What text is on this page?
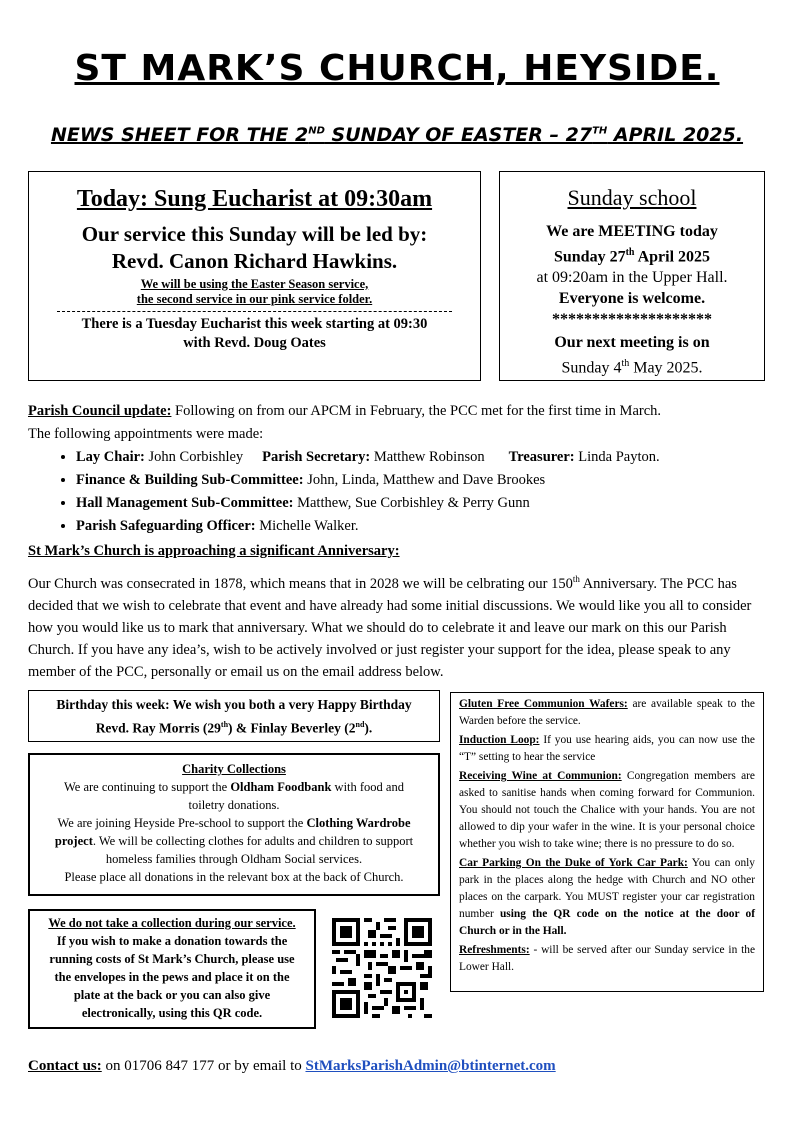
ST MARK’S CHURCH, HEYSIDE.
NEWS SHEET FOR THE 2ND SUNDAY OF EASTER – 27TH APRIL 2025.
Today: Sung Eucharist at 09:30am
Our service this Sunday will be led by:
Revd. Canon Richard Hawkins.
We will be using the Easter Season service,
the second service in our pink service folder.
There is a Tuesday Eucharist this week starting at 09:30
with Revd. Doug Oates
Sunday school
We are MEETING today
Sunday 27th April 2025
at 09:20am in the Upper Hall.
Everyone is welcome.
********************
Our next meeting is on
Sunday 4th May 2025.
Parish Council update: Following on from our APCM in February, the PCC met for the first time in March.
The following appointments were made:
• Lay Chair: John Corbishley Parish Secretary: Matthew Robinson Treasurer: Linda Payton.
• Finance & Building Sub-Committee: John, Linda, Matthew and Dave Brookes
• Hall Management Sub-Committee: Matthew, Sue Corbishley & Perry Gunn
• Parish Safeguarding Officer: Michelle Walker.
St Mark’s Church is approaching a significant Anniversary:
Our Church was consecrated in 1878, which means that in 2028 we will be celbrating our 150th Anniversary. The PCC has decided that we wish to celebrate that event and have already had some initial discussions. We would like you all to consider how you would like us to mark that anniversary. What we should do to celebrate it and leave our mark on this our Parish Church. If you have any idea’s, wish to be actively involved or just register your support for the idea, please speak to any member of the PCC, personally or email us on the email address below.
Birthday this week: We wish you both a very Happy Birthday
Revd. Ray Morris (29th) & Finlay Beverley (2nd).
Charity Collections
We are continuing to support the Oldham Foodbank with food and toiletry donations.
We are joining Heyside Pre-school to support the Clothing Wardrobe project. We will be collecting clothes for adults and children to support homeless families through Oldham Social services.
Please place all donations in the relevant box at the back of Church.
We do not take a collection during our service.
If you wish to make a donation towards the running costs of St Mark’s Church, please use the envelopes in the pews and place it on the plate at the back or you can also give electronically, using this QR code.

Gluten Free Communion Wafers: are available speak to the Warden before the service.

Induction Loop: If you use hearing aids, you can now use the “T” setting to hear the service

Receiving Wine at Communion: Congregation members are asked to sanitise hands when coming forward for Communion. You should not touch the Chalice with your hands. You are not allowed to dip your wafer in the wine. It is your personal choice whether you wish to take wine; there is no pressure to do so.

Car Parking On the Duke of York Car Park: You can only park in the places along the hedge with Church and NO other places on the carpark. You MUST register your car registration number using the QR code on the notice at the door of Church or in the Hall.

Refreshments: - will be served after our Sunday service in the Lower Hall.

Contact us: on 01706 847 177 or by email to StMarksParishAdmin@btinternet.com
